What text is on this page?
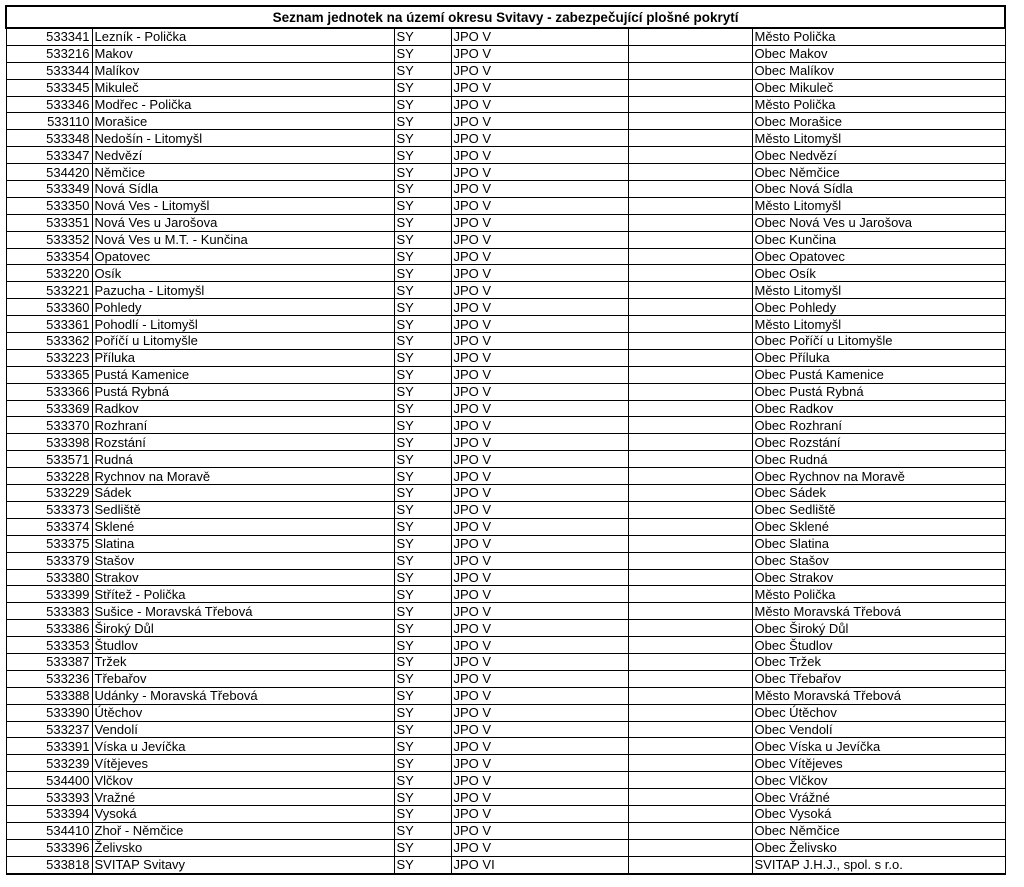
Seznam jednotek na území okresu Svitavy - zabezpečující plošné pokrytí					
533341	Lezník - Polička	SY	JPO V		Město Polička
533216	Makov	SY	JPO V		Obec Makov
533344	Malíkov	SY	JPO V		Obec Malíkov
533345	Mikuleč	SY	JPO V		Obec Mikuleč
533346	Modřec - Polička	SY	JPO V		Město Polička
533110	Morašice	SY	JPO V		Obec Morašice
533348	Nedošín - Litomyšl	SY	JPO V		Město Litomyšl
533347	Nedvězí	SY	JPO V		Obec Nedvězí
534420	Němčice	SY	JPO V		Obec Němčice
533349	Nová Sídla	SY	JPO V		Obec Nová Sídla
533350	Nová Ves - Litomyšl	SY	JPO V		Město Litomyšl
533351	Nová Ves u Jarošova	SY	JPO V		Obec Nová Ves u Jarošova
533352	Nová Ves u M.T. - Kunčina	SY	JPO V		Obec Kunčina
533354	Opatovec	SY	JPO V		Obec Opatovec
533220	Osík	SY	JPO V		Obec Osík
533221	Pazucha - Litomyšl	SY	JPO V		Město Litomyšl
533360	Pohledy	SY	JPO V		Obec Pohledy
533361	Pohodlí - Litomyšl	SY	JPO V		Město Litomyšl
533362	Poříčí u Litomyšle	SY	JPO V		Obec Poříčí u Litomyšle
533223	Příluka	SY	JPO V		Obec Příluka
533365	Pustá Kamenice	SY	JPO V		Obec Pustá Kamenice
533366	Pustá Rybná	SY	JPO V		Obec Pustá Rybná
533369	Radkov	SY	JPO V		Obec Radkov
533370	Rozhraní	SY	JPO V		Obec Rozhraní
533398	Rozstání	SY	JPO V		Obec Rozstání
533571	Rudná	SY	JPO V		Obec Rudná
533228	Rychnov na Moravě	SY	JPO V		Obec Rychnov na Moravě
533229	Sádek	SY	JPO V		Obec Sádek
533373	Sedliště	SY	JPO V		Obec Sedliště
533374	Sklené	SY	JPO V		Obec Sklené
533375	Slatina	SY	JPO V		Obec Slatina
533379	Stašov	SY	JPO V		Obec Stašov
533380	Strakov	SY	JPO V		Obec Strakov
533399	Střítež - Polička	SY	JPO V		Město Polička
533383	Sušice - Moravská Třebová	SY	JPO V		Město Moravská Třebová
533386	Široký Důl	SY	JPO V		Obec Široký Důl
533353	Študlov	SY	JPO V		Obec Študlov
533387	Tržek	SY	JPO V		Obec Tržek
533236	Třebařov	SY	JPO V		Obec Třebařov
533388	Udánky - Moravská Třebová	SY	JPO V		Město Moravská Třebová
533390	Útěchov	SY	JPO V		Obec Útěchov
533237	Vendolí	SY	JPO V		Obec Vendolí
533391	Víska u Jevíčka	SY	JPO V		Obec Víska u Jevíčka
533239	Vítějeves	SY	JPO V		Obec Vítějeves
534400	Vlčkov	SY	JPO V		Obec Vlčkov
533393	Vražné	SY	JPO V		Obec Vrážné
533394	Vysoká	SY	JPO V		Obec Vysoká
534410	Zhoř - Němčice	SY	JPO V		Obec Němčice
533396	Želivsko	SY	JPO V		Obec Želivsko
533818	SVITAP Svitavy	SY	JPO VI		SVITAP J.H.J., spol. s r.o.
